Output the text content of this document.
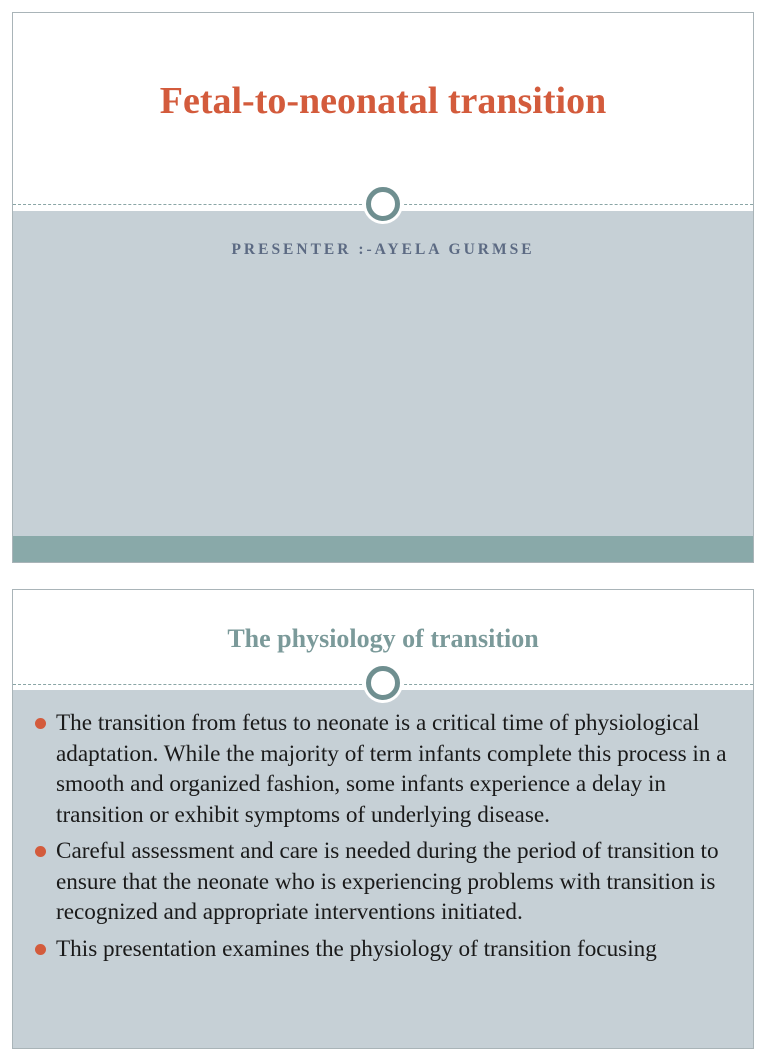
Fetal-to-neonatal transition
PRESENTER :-AYELA GURMSE
The physiology of transition
The transition from fetus to neonate is a critical time of physiological adaptation. While the majority of term infants complete this process in a smooth and organized fashion, some infants experience a delay in transition or exhibit symptoms of underlying disease.
Careful assessment and care is needed during the period of transition to ensure that the neonate who is experiencing problems with transition is recognized and appropriate interventions initiated.
This presentation examines the physiology of transition focusing
